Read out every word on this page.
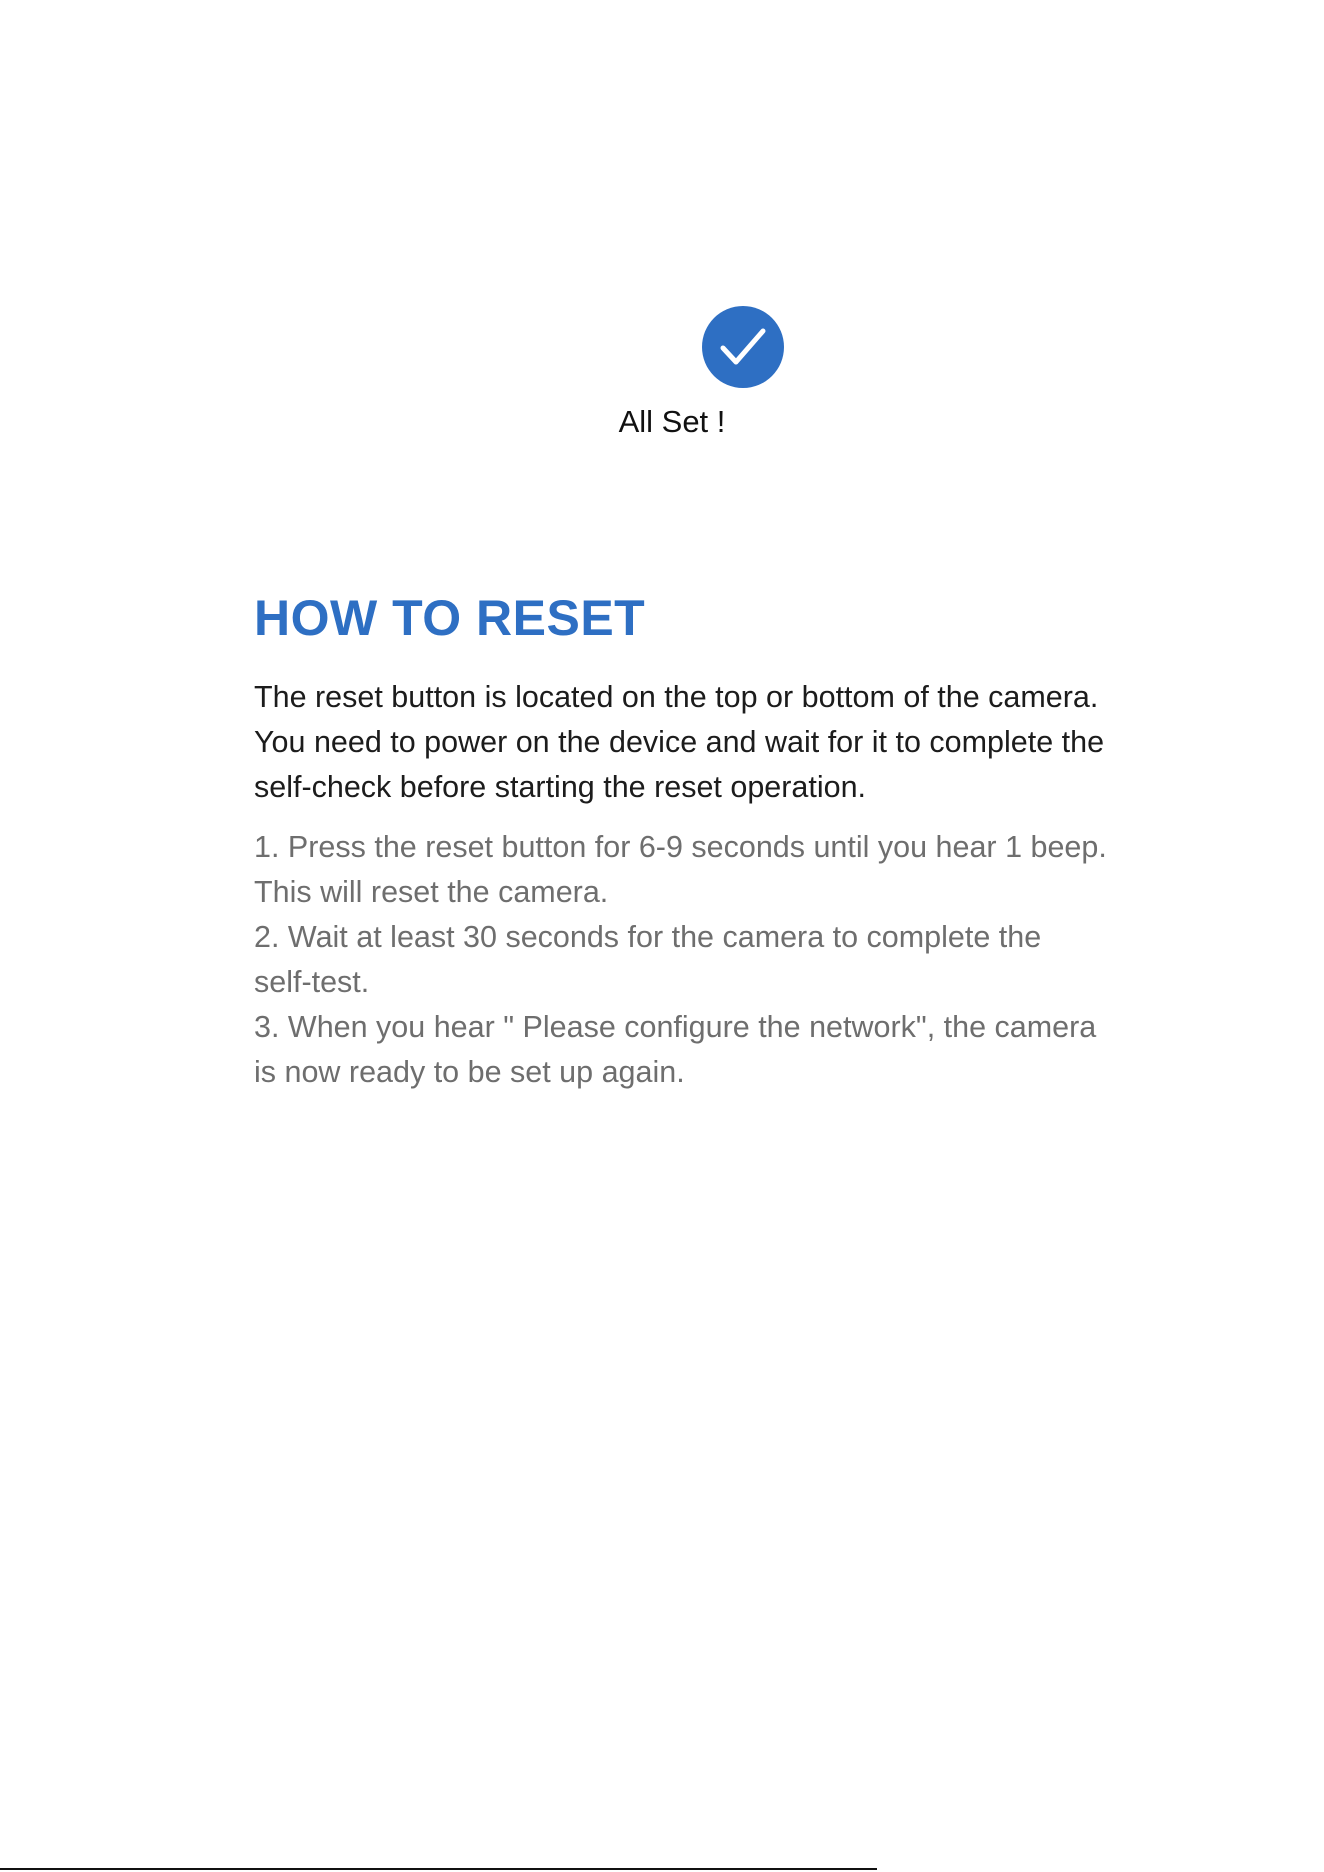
All Set !
HOW TO RESET

The reset button is located on the top or bottom of the camera.
You need to power on the device and wait for it to complete the
self-check before starting the reset operation.

1. Press the reset button for 6-9 seconds until you hear 1 beep.
This will reset the camera.
2. Wait at least 30 seconds for the camera to complete the
self-test.
3. When you hear " Please configure the network", the camera
is now ready to be set up again.
